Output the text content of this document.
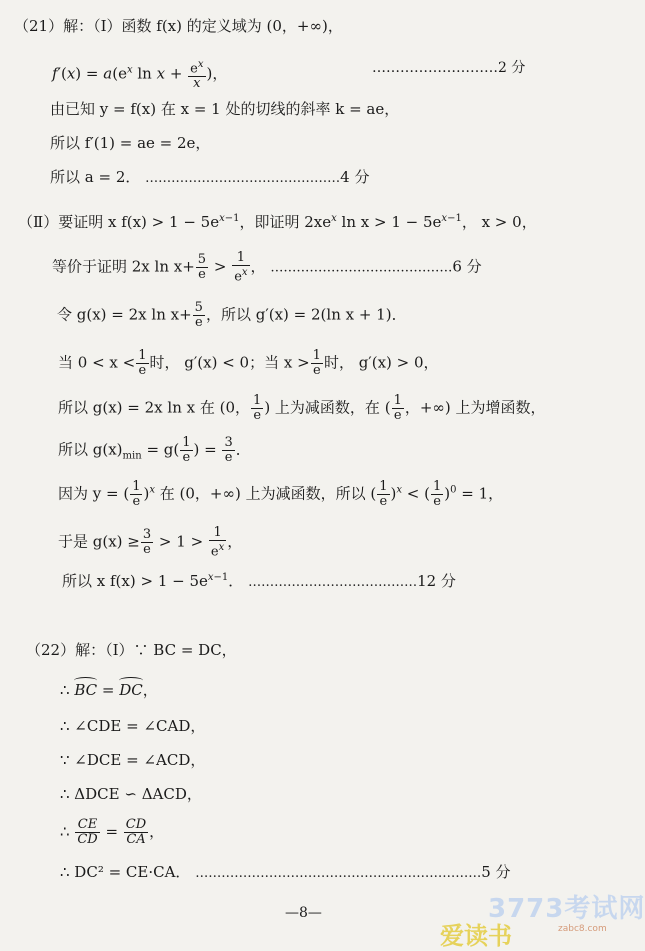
（21）解：（Ⅰ）函数 f(x) 的定义域为 (0，+∞)，
$f'(x) = a(e^x$ $\ln x + \frac{e^x}{x}$ )，	………………………2 分
由已知 y = f(x) 在 x = 1 处的切线的斜率 k = ae，
所以 f′(1) = ae = 2e，
所以 a = 2． ………………………………………4 分
（Ⅱ）要证明 x $f(x) > 1 - 5e^{x-1}$，即证明 $2xe^x$ $\ln x > 1 - 5e^{x-1}$， x > 0，
等价于证明 2x $\ln x+ \frac{5}{e} > \frac{1}{e^x}$ ， ……………………………………6 分
令 g(x) = 2x $\ln x+ \frac{5}{e}$ ，所以 g′(x) = 2(ln x + 1)．
当 $0 < x < \frac{1}{e}$ 时， g′(x) < 0；当 $x > \frac{1}{e}$ 时， g′(x) > 0，
所以 g(x) = 2x ln x 在 (0， $\frac{1}{e}$ ) 上为减函数，在 ( $\frac{1}{e}$ ，+∞) 上为增函数，
所以 $g(x)_{min} = g( \frac{1}{e}$ ) = $\frac{3}{e}$ ．
因为 y = ( $\frac{1}{e} )^x$ 在 (0，+∞) 上为减函数，所以 ( $\frac{1}{e} )^x$ < ( $\frac{1}{e} )^0 = 1$，
于是 $g(x) \ge \frac{3}{e} > 1 > \frac{1}{e^x}$ ，
所以 x $f(x) > 1 - 5e^{x-1}$． …………………………………12 分
（22）解：（Ⅰ）∵ BC = DC，
∴ BC = DC，
∴ ∠CDE = ∠CAD，
∵ ∠DCE = ∠ACD，
∴ ΔDCE ∽ ΔACD，
∴ $\frac{CE}{CD} = \frac{CD}{CA}$ ，
∴ DC² = CE·CA． …………………………………………………………5 分
—8—	3773考试网
爱读书	zabc8.com
